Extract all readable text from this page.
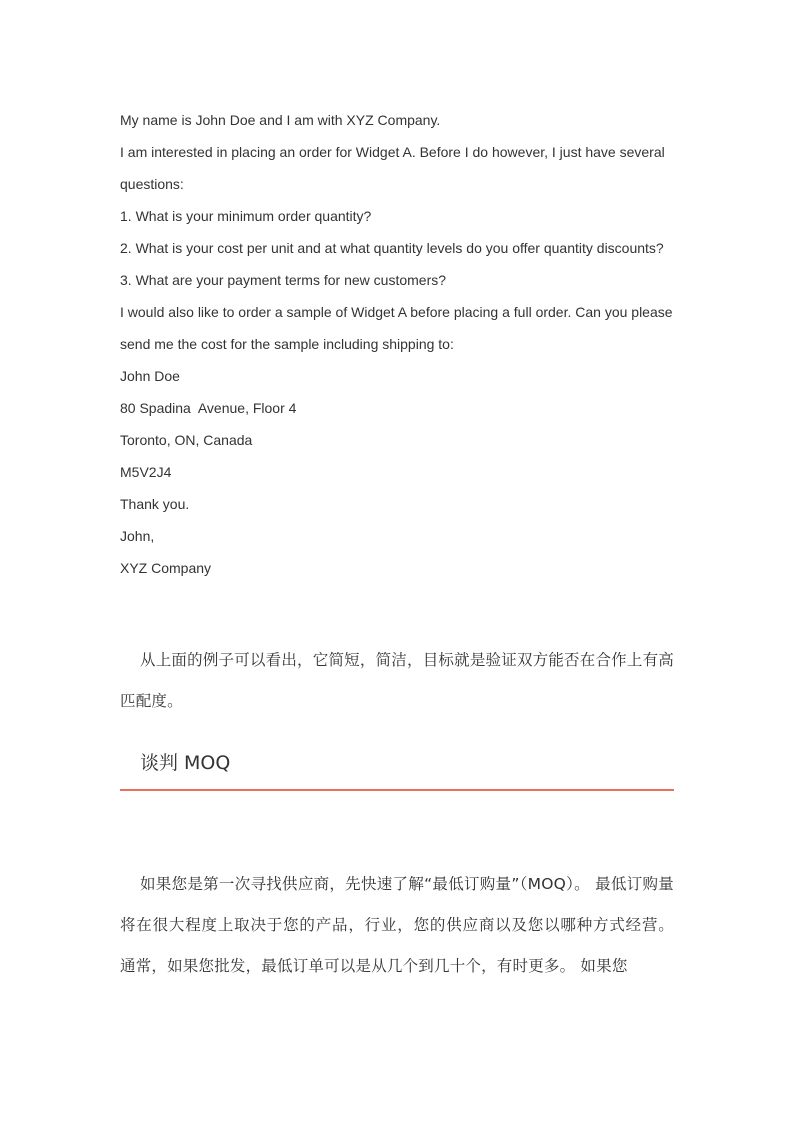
My name is John Doe and I am with XYZ Company.

I am interested in placing an order for Widget A. Before I do however, I just have several

questions:

1. What is your minimum order quantity?

2. What is your cost per unit and at what quantity levels do you offer quantity discounts?

3. What are your payment terms for new customers?

I would also like to order a sample of Widget A before placing a full order. Can you please

send me the cost for the sample including shipping to:

John Doe

80 Spadina  Avenue, Floor 4

Toronto, ON, Canada

M5V2J4

Thank you.

John,

XYZ Company

从上面的例子可以看出，它简短，简洁，目标就是验证双方能否在合作上有高匹配度。

谈判 MOQ

如果您是第一次寻找供应商，先快速了解“最低订购量”（MOQ）。 最低订购量将在很大程度上取决于您的产品，行业，您的供应商以及您以哪种方式经营。 通常，如果您批发，最低订单可以是从几个到几十个，有时更多。 如果您
